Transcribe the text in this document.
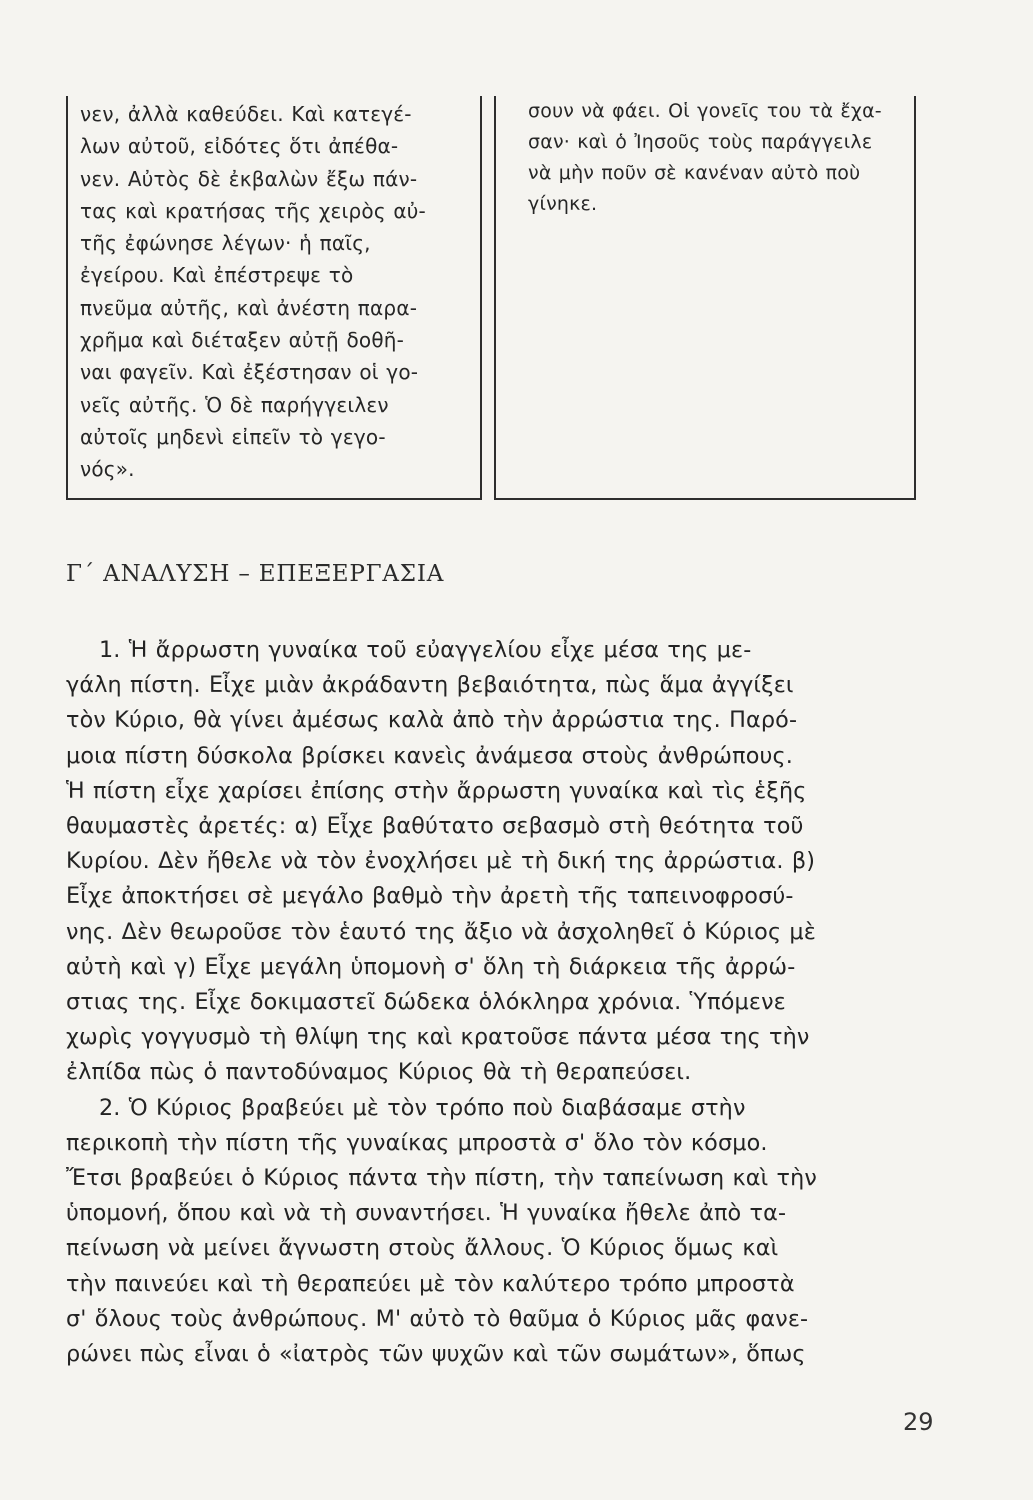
νεν, ἀλλὰ καθεύδει. Καὶ κατεγέ-
λων αὐτοῦ, εἰδότες ὅτι ἀπέθα-
νεν. Αὐτὸς δὲ ἐκβαλὼν ἔξω πάν-
τας καὶ κρατήσας τῆς χειρὸς αὐ-
τῆς ἐφώνησε λέγων· ἡ παῖς,
ἐγείρου. Καὶ ἐπέστρεψε τὸ
πνεῦμα αὐτῆς, καὶ ἀνέστη παρα-
χρῆμα καὶ διέταξεν αὐτῇ δοθῆ-
ναι φαγεῖν. Καὶ ἐξέστησαν οἱ γο-
νεῖς αὐτῆς. Ὁ δὲ παρήγγειλεν
αὐτοῖς μηδενὶ εἰπεῖν τὸ γεγο-
νός».
σουν νὰ φάει. Οἱ γονεῖς του τὰ ἔχα-
σαν· καὶ ὁ Ἰησοῦς τοὺς παράγγειλε
νὰ μὴν ποῦν σὲ κανέναν αὐτὸ ποὺ
γίνηκε.
Γ΄ ΑΝΑΛΥΣΗ – ΕΠΕΞΕΡΓΑΣΙΑ
1. Ἡ ἄρρωστη γυναίκα τοῦ εὐαγγελίου εἶχε μέσα της με-
γάλη πίστη. Εἶχε μιὰν ἀκράδαντη βεβαιότητα, πὼς ἅμα ἀγγίξει
τὸν Κύριο, θὰ γίνει ἀμέσως καλὰ ἀπὸ τὴν ἀρρώστια της. Παρό-
μοια πίστη δύσκολα βρίσκει κανεὶς ἀνάμεσα στοὺς ἀνθρώπους.
Ἡ πίστη εἶχε χαρίσει ἐπίσης στὴν ἄρρωστη γυναίκα καὶ τὶς ἑξῆς
θαυμαστὲς ἀρετές: α) Εἶχε βαθύτατο σεβασμὸ στὴ θεότητα τοῦ
Κυρίου. Δὲν ἤθελε νὰ τὸν ἐνοχλήσει μὲ τὴ δική της ἀρρώστια. β)
Εἶχε ἀποκτήσει σὲ μεγάλο βαθμὸ τὴν ἀρετὴ τῆς ταπεινοφροσύ-
νης. Δὲν θεωροῦσε τὸν ἑαυτό της ἄξιο νὰ ἀσχοληθεῖ ὁ Κύριος μὲ
αὐτὴ καὶ γ) Εἶχε μεγάλη ὑπομονὴ σ' ὅλη τὴ διάρκεια τῆς ἀρρώ-
στιας της. Εἶχε δοκιμαστεῖ δώδεκα ὁλόκληρα χρόνια. Ὑπόμενε
χωρὶς γογγυσμὸ τὴ θλίψη της καὶ κρατοῦσε πάντα μέσα της τὴν
ἐλπίδα πὼς ὁ παντοδύναμος Κύριος θὰ τὴ θεραπεύσει.
2. Ὁ Κύριος βραβεύει μὲ τὸν τρόπο ποὺ διαβάσαμε στὴν
περικοπὴ τὴν πίστη τῆς γυναίκας μπροστὰ σ' ὅλο τὸν κόσμο.
Ἔτσι βραβεύει ὁ Κύριος πάντα τὴν πίστη, τὴν ταπείνωση καὶ τὴν
ὑπομονή, ὅπου καὶ νὰ τὴ συναντήσει. Ἡ γυναίκα ἤθελε ἀπὸ τα-
πείνωση νὰ μείνει ἄγνωστη στοὺς ἄλλους. Ὁ Κύριος ὅμως καὶ
τὴν παινεύει καὶ τὴ θεραπεύει μὲ τὸν καλύτερο τρόπο μπροστὰ
σ' ὅλους τοὺς ἀνθρώπους. Μ' αὐτὸ τὸ θαῦμα ὁ Κύριος μᾶς φανε-
ρώνει πὼς εἶναι ὁ «ἰατρὸς τῶν ψυχῶν καὶ τῶν σωμάτων», ὅπως
29
